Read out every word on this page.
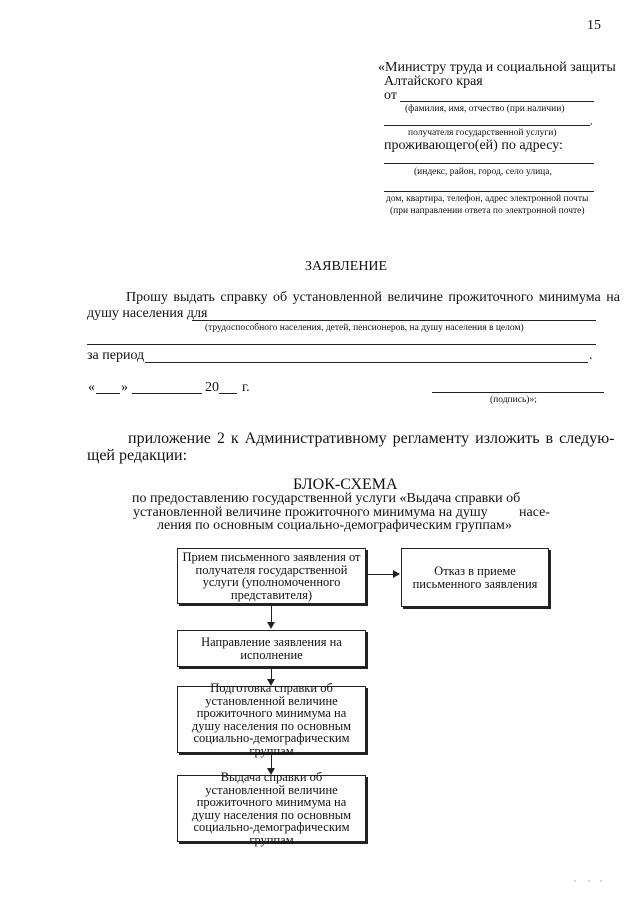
15
«Министру труда и социальной защиты
Алтайского края
от
(фамилия, имя, отчество (при наличии)
,
получателя государственной услуги)
проживающего(ей) по адресу:
(индекс, район, город, село улица,
дом, квартира, телефон, адрес электронной почты
(при направлении ответа по электронной почте)
ЗАЯВЛЕНИЕ
Прошу выдать справку об установленной величине прожиточного минимума на
душу населения для
(трудоспособного населения, детей, пенсионеров, на душу населения в целом)
за период	.
« »	20 г.
(подпись)»;
приложение 2 к Административному регламенту изложить в следую-
щей редакции:
БЛОК-СХЕМА
по предоставлению государственной услуги «Выдача справки об
установленной величине прожиточного минимума на душу насе-
ления по основным социально-демографическим группам»
Прием письменного заявления от получателя государственной услуги (уполномоченного представителя)
Отказ в приеме письменного заявления
Направление заявления на исполнение
Подготовка справки об установленной величине прожиточного минимума на душу населения по основным социально-демографическим группам
Выдача справки об установленной величине прожиточного минимума на душу населения по основным социально-демографическим группам
